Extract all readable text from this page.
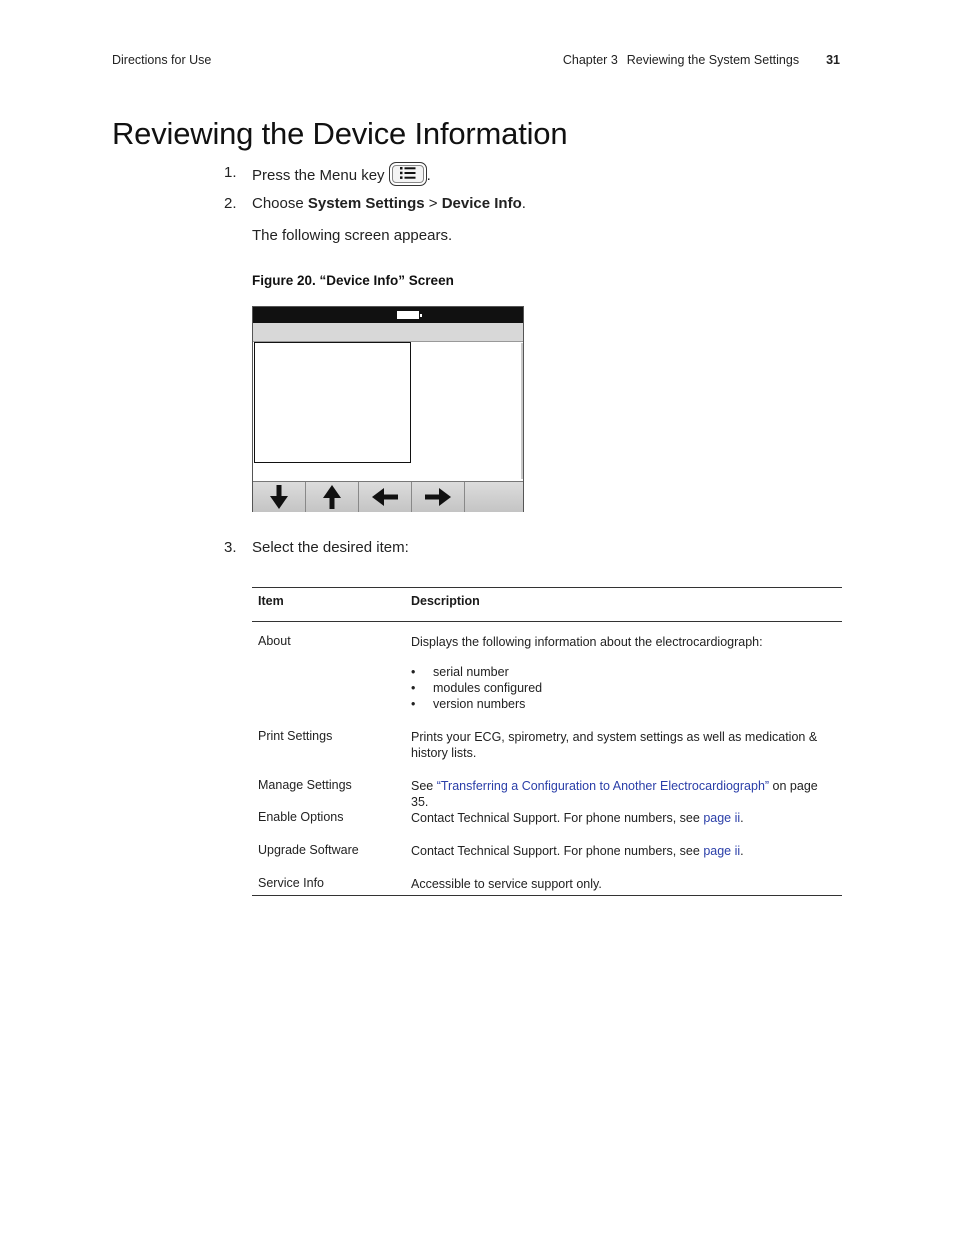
Directions for Use	Chapter 3 Reviewing the System Settings 31
Reviewing the Device Information
1. Press the Menu key	.
2. Choose System Settings > Device Info.
The following screen appears.
Figure 20. “Device Info” Screen
3. Select the desired item:
Item	Description
About	Displays the following information about the electrocardiograph:
• serial number
• modules configured
• version numbers
Print Settings	Prints your ECG, spirometry, and system settings as well as medication & history lists.
Manage Settings	See “Transferring a Configuration to Another Electrocardiograph” on page 35.
Enable Options	Contact Technical Support. For phone numbers, see page ii.
Upgrade Software	Contact Technical Support. For phone numbers, see page ii.
Service Info	Accessible to service support only.
